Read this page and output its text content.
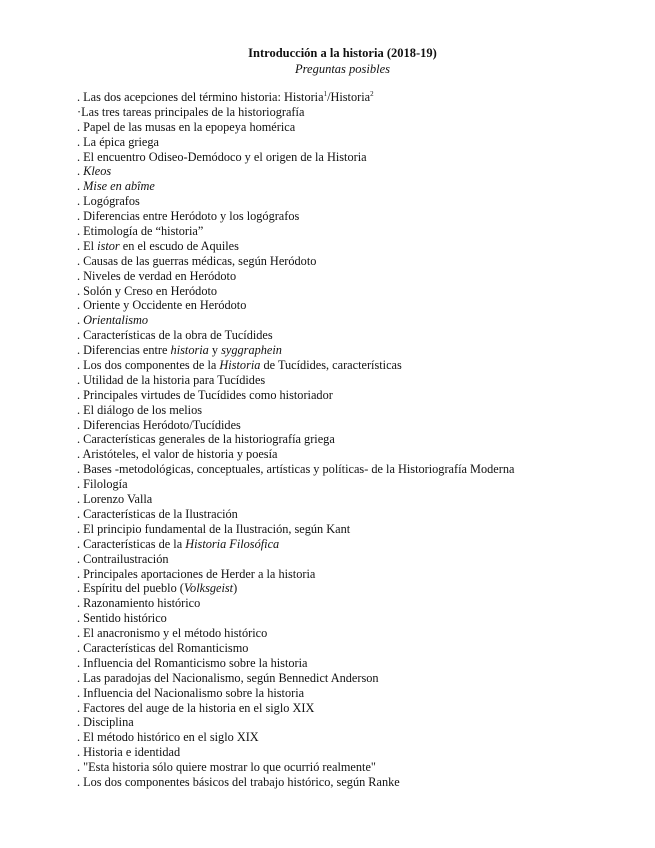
Introducción a la historia (2018-19)
Preguntas posibles
. Las dos acepciones del término historia: Historia$^1$/Historia$^2$
·Las tres tareas principales de la historiografía
. Papel de las musas en la epopeya homérica
. La épica griega
. El encuentro Odiseo-Demódoco y el origen de la Historia
. Kleos
. Mise en abîme
. Logógrafos
. Diferencias entre Heródoto y los logógrafos
. Etimología de “historia”
. El istor en el escudo de Aquiles
. Causas de las guerras médicas, según Heródoto
. Niveles de verdad en Heródoto
. Solón y Creso en Heródoto
. Oriente y Occidente en Heródoto
. Orientalismo
. Características de la obra de Tucídides
. Diferencias entre historia y syggraphein
. Los dos componentes de la Historia de Tucídides, características
. Utilidad de la historia para Tucídides
. Principales virtudes de Tucídides como historiador
. El diálogo de los melios
. Diferencias Heródoto/Tucídides
. Características generales de la historiografía griega
. Aristóteles, el valor de historia y poesía
. Bases -metodológicas, conceptuales, artísticas y políticas- de la Historiografía Moderna
. Filología
. Lorenzo Valla
. Características de la Ilustración
. El principio fundamental de la Ilustración, según Kant
. Características de la Historia Filosófica
. Contrailustración
. Principales aportaciones de Herder a la historia
. Espíritu del pueblo (Volksgeist)
. Razonamiento histórico
. Sentido histórico
. El anacronismo y el método histórico
. Características del Romanticismo
. Influencia del Romanticismo sobre la historia
. Las paradojas del Nacionalismo, según Bennedict Anderson
. Influencia del Nacionalismo sobre la historia
. Factores del auge de la historia en el siglo XIX
. Disciplina
. El método histórico en el siglo XIX
. Historia e identidad
. "Esta historia sólo quiere mostrar lo que ocurrió realmente"
. Los dos componentes básicos del trabajo histórico, según Ranke
